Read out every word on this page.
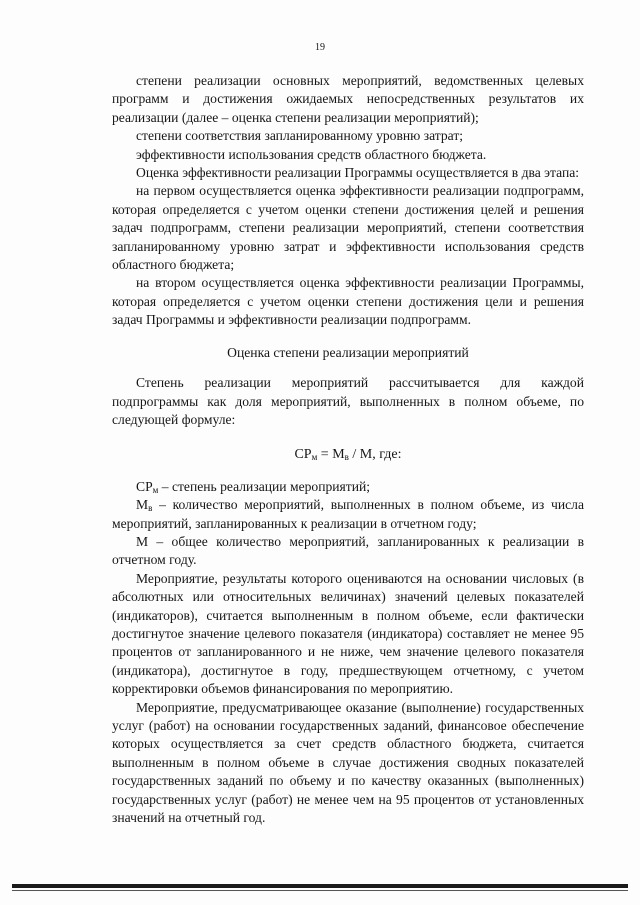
19

степени реализации основных мероприятий, ведомственных целевых программ и достижения ожидаемых непосредственных результатов их реализации (далее – оценка степени реализации мероприятий);

степени соответствия запланированному уровню затрат;

эффективности использования средств областного бюджета.

Оценка эффективности реализации Программы осуществляется в два этапа:

на первом осуществляется оценка эффективности реализации подпрограмм, которая определяется с учетом оценки степени достижения целей и решения задач подпрограмм, степени реализации мероприятий, степени соответствия запланированному уровню затрат и эффективности использования средств областного бюджета;

на втором осуществляется оценка эффективности реализации Программы, которая определяется с учетом оценки степени достижения цели и решения задач Программы и эффективности реализации подпрограмм.

Оценка степени реализации мероприятий

Степень реализации мероприятий рассчитывается для каждой подпрограммы как доля мероприятий, выполненных в полном объеме, по следующей формуле:

$СР_м = М_в / М$, где:

$СР_м$ – степень реализации мероприятий;

$М_в$ – количество мероприятий, выполненных в полном объеме, из числа мероприятий, запланированных к реализации в отчетном году;

М – общее количество мероприятий, запланированных к реализации в отчетном году.

Мероприятие, результаты которого оцениваются на основании числовых (в абсолютных или относительных величинах) значений целевых показателей (индикаторов), считается выполненным в полном объеме, если фактически достигнутое значение целевого показателя (индикатора) составляет не менее 95 процентов от запланированного и не ниже, чем значение целевого показателя (индикатора), достигнутое в году, предшествующем отчетному, с учетом корректировки объемов финансирования по мероприятию.

Мероприятие, предусматривающее оказание (выполнение) государственных услуг (работ) на основании государственных заданий, финансовое обеспечение которых осуществляется за счет средств областного бюджета, считается выполненным в полном объеме в случае достижения сводных показателей государственных заданий по объему и по качеству оказанных (выполненных) государственных услуг (работ) не менее чем на 95 процентов от установленных значений на отчетный год.
